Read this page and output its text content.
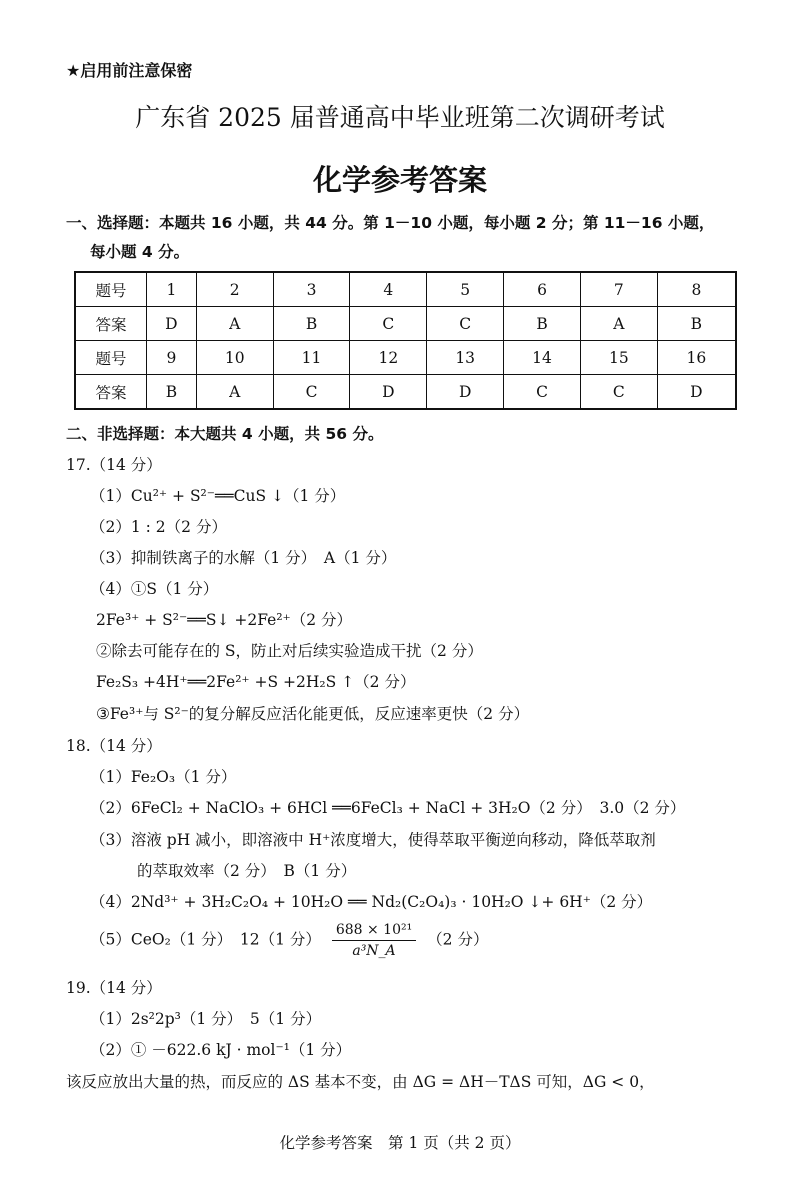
★启用前注意保密
广东省 2025 届普通高中毕业班第二次调研考试
化学参考答案
一、选择题：本题共 16 小题，共 44 分。第 1－10 小题，每小题 2 分；第 11－16 小题，
每小题 4 分。
题号	1	2	3	4	5	6	7	8
答案	D	A	B	C	C	B	A	B
题号	9	10	11	12	13	14	15	16
答案	B	A	C	D	D	C	C	D
二、非选择题：本大题共 4 小题，共 56 分。
17.（14 分）
（1）Cu²⁺ + S²⁻══CuS ↓（1 分）
（2）1 : 2（2 分）
（3）抑制铁离子的水解（1 分）　A（1 分）
（4）①S（1 分）
2Fe³⁺ + S²⁻══S↓ +2Fe²⁺（2 分）
②除去可能存在的 S，防止对后续实验造成干扰（2 分）
Fe₂S₃ +4H⁺══2Fe²⁺ +S +2H₂S ↑（2 分）
③Fe³⁺与 S²⁻的复分解反应活化能更低，反应速率更快（2 分）
18.（14 分）
（1）Fe₂O₃（1 分）
（2）6FeCl₂ + NaClO₃ + 6HCl ══6FeCl₃ + NaCl + 3H₂O（2 分）　3.0（2 分）
（3）溶液 pH 减小，即溶液中 H⁺浓度增大，使得萃取平衡逆向移动，降低萃取剂
的萃取效率（2 分）　B（1 分）
（4）2Nd³⁺ + 3H₂C₂O₄ + 10H₂O ══ Nd₂(C₂O₄)₃ · 10H₂O ↓+ 6H⁺（2 分）
（5）CeO₂（1 分）　12（1 分） $\frac{\text{688 × 10²¹}}{\text{a³N\_A}} (2$ 分）
19.（14 分）
（1）2s²2p³（1 分）　5（1 分）
（2）① －622.6 kJ · mol⁻¹（1 分）
该反应放出大量的热，而反应的 ΔS 基本不变，由 ΔG = ΔH－TΔS 可知，ΔG < 0，
化学参考答案　第 1 页（共 2 页）
